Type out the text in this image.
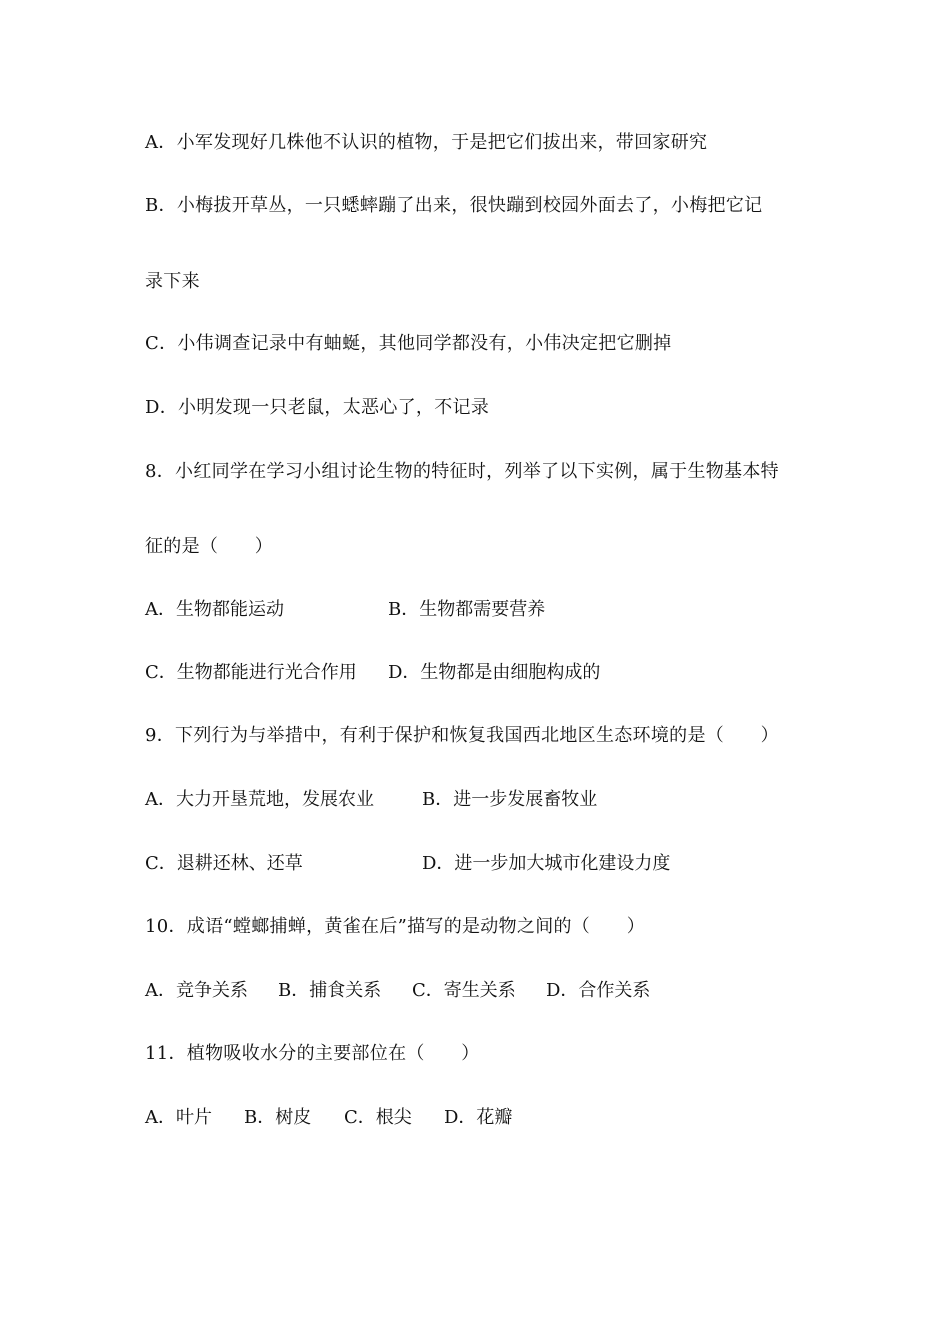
A．小军发现好几株他不认识的植物，于是把它们拔出来，带回家研究
B．小梅拔开草丛，一只蟋蟀蹦了出来，很快蹦到校园外面去了，小梅把它记
录下来
C．小伟调查记录中有蚰蜒，其他同学都没有，小伟决定把它删掉
D．小明发现一只老鼠，太恶心了，不记录
8．小红同学在学习小组讨论生物的特征时，列举了以下实例，属于生物基本特
征的是（　　）
A．生物都能运动	B．生物都需要营养
C．生物都能进行光合作用 D．生物都是由细胞构成的
9．下列行为与举措中，有利于保护和恢复我国西北地区生态环境的是（　　）
A．大力开垦荒地，发展农业	B．进一步发展畜牧业
C．退耕还林、还草	D．进一步加大城市化建设力度
10．成语“螳螂捕蝉，黄雀在后”描写的是动物之间的（　　）
A．竞争关系 B．捕食关系 C．寄生关系 D．合作关系
11．植物吸收水分的主要部位在（　　）
A．叶片 B．树皮 C．根尖 D．花瓣
